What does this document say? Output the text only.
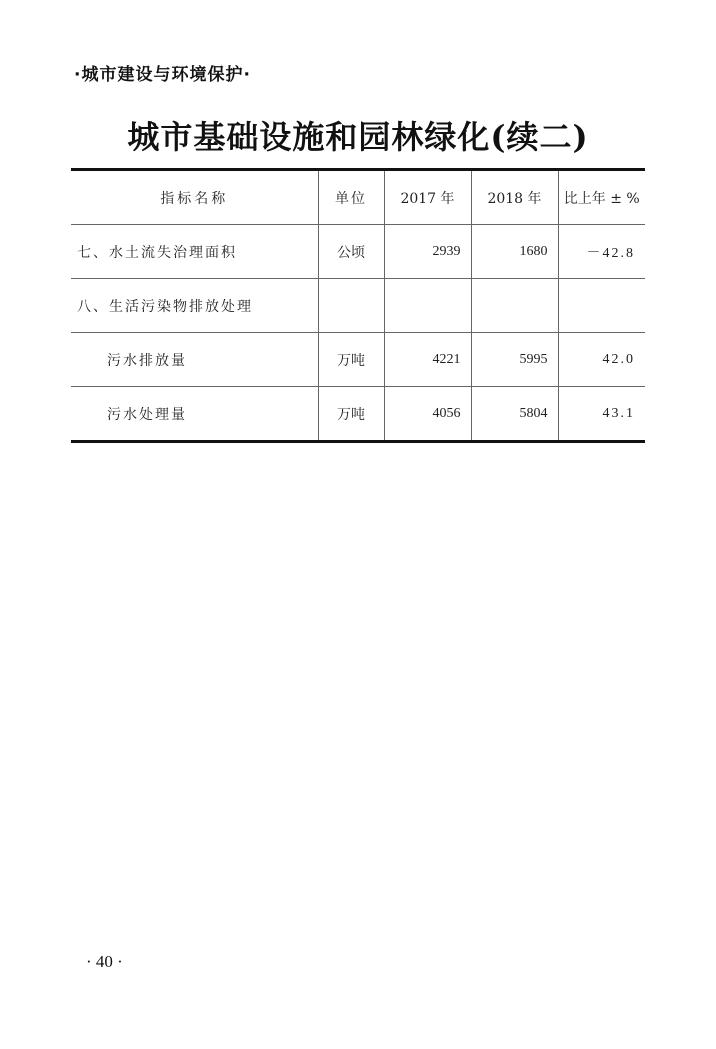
·城市建设与环境保护·
城市基础设施和园林绿化(续二)
指标名称	单位	2017 年	2018 年	比上年 ± %
七、水土流失治理面积	公顷	2939	1680	－42.8
八、生活污染物排放处理				
污水排放量	万吨	4221	5995	42.0
污水处理量	万吨	4056	5804	43.1
· 40 ·
